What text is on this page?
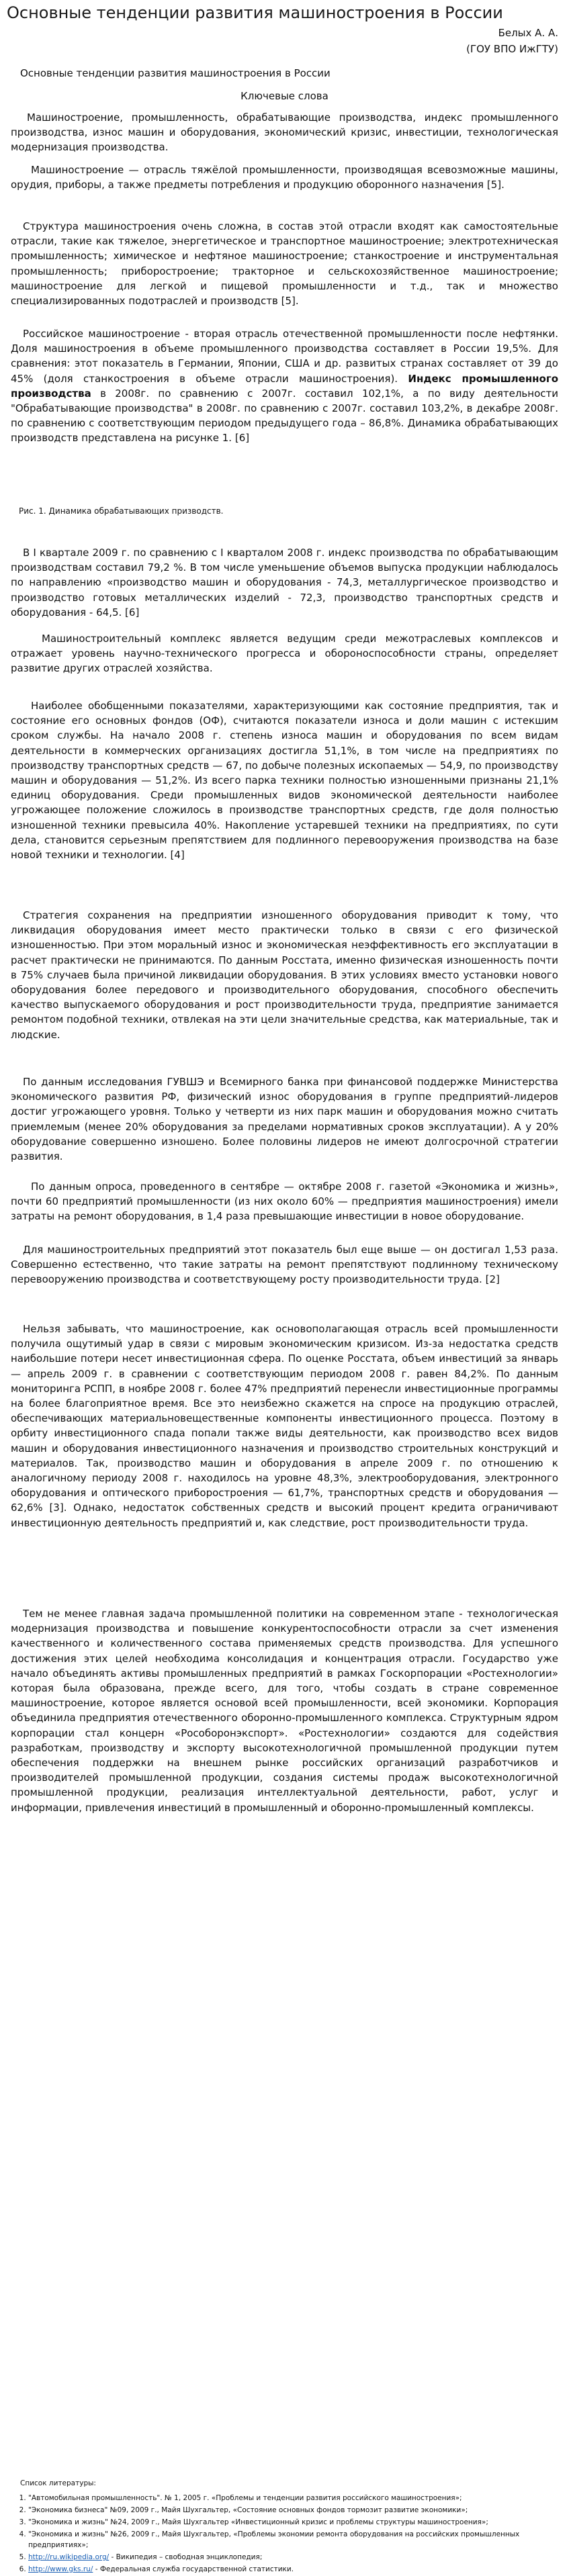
Основные тенденции развития машиностроения в России
Белых А. А.
(ГОУ ВПО ИжГТУ)
Основные тенденции развития машиностроения в России
Ключевые слова

Машиностроение, промышленность, обрабатывающие производства, индекс промышленного производства, износ машин и оборудования, экономический кризис, инвестиции, технологическая модернизация производства.

Машиностроение — отрасль тяжёлой промышленности, производящая всевозможные машины, орудия, приборы, а также предметы потребления и продукцию оборонного назначения [5].

Структура машиностроения очень сложна, в состав этой отрасли входят как самостоятельные отрасли, такие как тяжелое, энергетическое и транспортное машиностроение; электротехническая промышленность; химическое и нефтяное машиностроение; станкостроение и инструментальная промышленность; приборостроение; тракторное и сельскохозяйственное машиностроение; машиностроение для легкой и пищевой промышленности и т.д., так и множество специализированных подотраслей и производств [5].

Российское машиностроение - вторая отрасль отечественной промышленности после нефтянки. Доля машиностроения в объеме промышленного производства составляет в России 19,5%. Для сравнения: этот показатель в Германии, Японии, США и др. развитых странах составляет от 39 до 45% (доля станкостроения в объеме отрасли машиностроения). Индекс промышленного производства в 2008г. по сравнению с 2007г. составил 102,1%, а по виду деятельности "Обрабатывающие производства" в 2008г. по сравнению с 2007г. составил 103,2%, в декабре 2008г. по сравнению с соответствующим периодом предыдущего года – 86,8%. Динамика обрабатывающих производств представлена на рисунке 1. [6]

Рис. 1. Динамика обрабатывающих призводств.

В I квартале 2009 г. по сравнению с I кварталом 2008 г. индекс производства по обрабатывающим производствам составил 79,2 %. В том числе уменьшение объемов выпуска продукции наблюдалось по направлению «производство машин и оборудования - 74,3, металлургическое производство и производство готовых металлических изделий - 72,3, производство транспортных средств и оборудования - 64,5. [6]

Машиностроительный комплекс является ведущим среди межотраслевых комплексов и отражает уровень научно-технического прогресса и обороноспособности страны, определяет развитие других отраслей хозяйства.

Наиболее обобщенными показателями, характеризующими как состояние предприятия, так и состояние его основных фондов (ОФ), считаются показатели износа и доли машин с истекшим сроком службы. На начало 2008 г. степень износа машин и оборудования по всем видам деятельности в коммерческих организациях достигла 51,1%, в том числе на предприятиях по производству транспортных средств — 67, по добыче полезных ископаемых — 54,9, по производству машин и оборудования — 51,2%. Из всего парка техники полностью изношенными признаны 21,1% единиц оборудования. Среди промышленных видов экономической деятельности наиболее угрожающее положение сложилось в производстве транспортных средств, где доля полностью изношенной техники превысила 40%. Накопление устаревшей техники на предприятиях, по сути дела, становится серьезным препятствием для подлинного перевооружения производства на базе новой техники и технологии. [4]

Стратегия сохранения на предприятии изношенного оборудования приводит к тому, что ликвидация оборудования имеет место практически только в связи с его физической изношенностью. При этом моральный износ и экономическая неэффективность его эксплуатации в расчет практически не принимаются. По данным Росстата, именно физическая изношенность почти в 75% случаев была причиной ликвидации оборудования. В этих условиях вместо установки нового оборудования более передового и производительного оборудования, способного обеспечить качество выпускаемого оборудования и рост производительности труда, предприятие занимается ремонтом подобной техники, отвлекая на эти цели значительные средства, как материальные, так и людские.

По данным исследования ГУВШЭ и Всемирного банка при финансовой поддержке Министерства экономического развития РФ, физический износ оборудования в группе предприятий-лидеров достиг угрожающего уровня. Только у четверти из них парк машин и оборудования можно считать приемлемым (менее 20% оборудования за пределами нормативных сроков эксплуатации). А у 20% оборудование совершенно изношено. Более половины лидеров не имеют долгосрочной стратегии развития.

По данным опроса, проведенного в сентябре — октябре 2008 г. газетой «Экономика и жизнь», почти 60 предприятий промышленности (из них около 60% — предприятия машиностроения) имели затраты на ремонт оборудования, в 1,4 раза превышающие инвестиции в новое оборудование.

Для машиностроительных предприятий этот показатель был еще выше — он достигал 1,53 раза. Совершенно естественно, что такие затраты на ремонт препятствуют подлинному техническому перевооружению производства и соответствующему росту производительности труда. [2]

Нельзя забывать, что машиностроение, как основополагающая отрасль всей промышленности получила ощутимый удар в связи с мировым экономическим кризисом. Из-за недостатка средств наибольшие потери несет инвестиционная сфера. По оценке Росстата, объем инвестиций за январь — апрель 2009 г. в сравнении с соответствующим периодом 2008 г. равен 84,2%. По данным мониторинга РСПП, в ноябре 2008 г. более 47% предприятий перенесли инвестиционные программы на более благоприятное время. Все это неизбежно скажется на спросе на продукцию отраслей, обеспечивающих материальновещественные компоненты инвестиционного процесса. Поэтому в орбиту инвестиционного спада попали также виды деятельности, как производство всех видов машин и оборудования инвестиционного назначения и производство строительных конструкций и материалов. Так, производство машин и оборудования в апреле 2009 г. по отношению к аналогичному периоду 2008 г. находилось на уровне 48,3%, электрооборудования, электронного оборудования и оптического приборостроения — 61,7%, транспортных средств и оборудования — 62,6% [3]. Однако, недостаток собственных средств и высокий процент кредита ограничивают инвестиционную деятельность предприятий и, как следствие, рост производительности труда.

Тем не менее главная задача промышленной политики на современном этапе - технологическая модернизация производства и повышение конкурентоспособности отрасли за счет изменения качественного и количественного состава применяемых средств производства. Для успешного достижения этих целей необходима консолидация и концентрация отрасли. Государство уже начало объединять активы промышленных предприятий в рамках Госкорпорации «Ростехнологии» которая была образована, прежде всего, для того, чтобы создать в стране современное машиностроение, которое является основой всей промышленности, всей экономики. Корпорация объединила предприятия отечественного оборонно-промышленного комплекса. Структурным ядром корпорации стал концерн «Рособоронэкспорт». «Ростехнологии» создаются для содействия разработкам, производству и экспорту высокотехнологичной промышленной продукции путем обеспечения поддержки на внешнем рынке российских организаций разработчиков и производителей промышленной продукции, создания системы продаж высокотехнологичной промышленной продукции, реализация интеллектуальной деятельности, работ, услуг и информации, привлечения инвестиций в промышленный и оборонно-промышленный комплексы.

Список литературы:
1. "Автомобильная промышленность". № 1, 2005 г. «Проблемы и тенденции развития российского машиностроения»;
2. "Экономика бизнеса" №09, 2009 г., Майя Шухгальтер, «Состояние основных фондов тормозит развитие экономики»;
3. "Экономика и жизнь" №24, 2009 г., Майя Шухгальтер «Инвестиционный кризис и проблемы структуры машиностроения»;
4. "Экономика и жизнь" №26, 2009 г., Майя Шухгальтер, «Проблемы экономии ремонта оборудования на российских промышленных предприятиях»;
5. http://ru.wikipedia.org/ - Википедия – свободная энциклопедия;
6. http://www.gks.ru/ - Федеральная служба государственной статистики.
